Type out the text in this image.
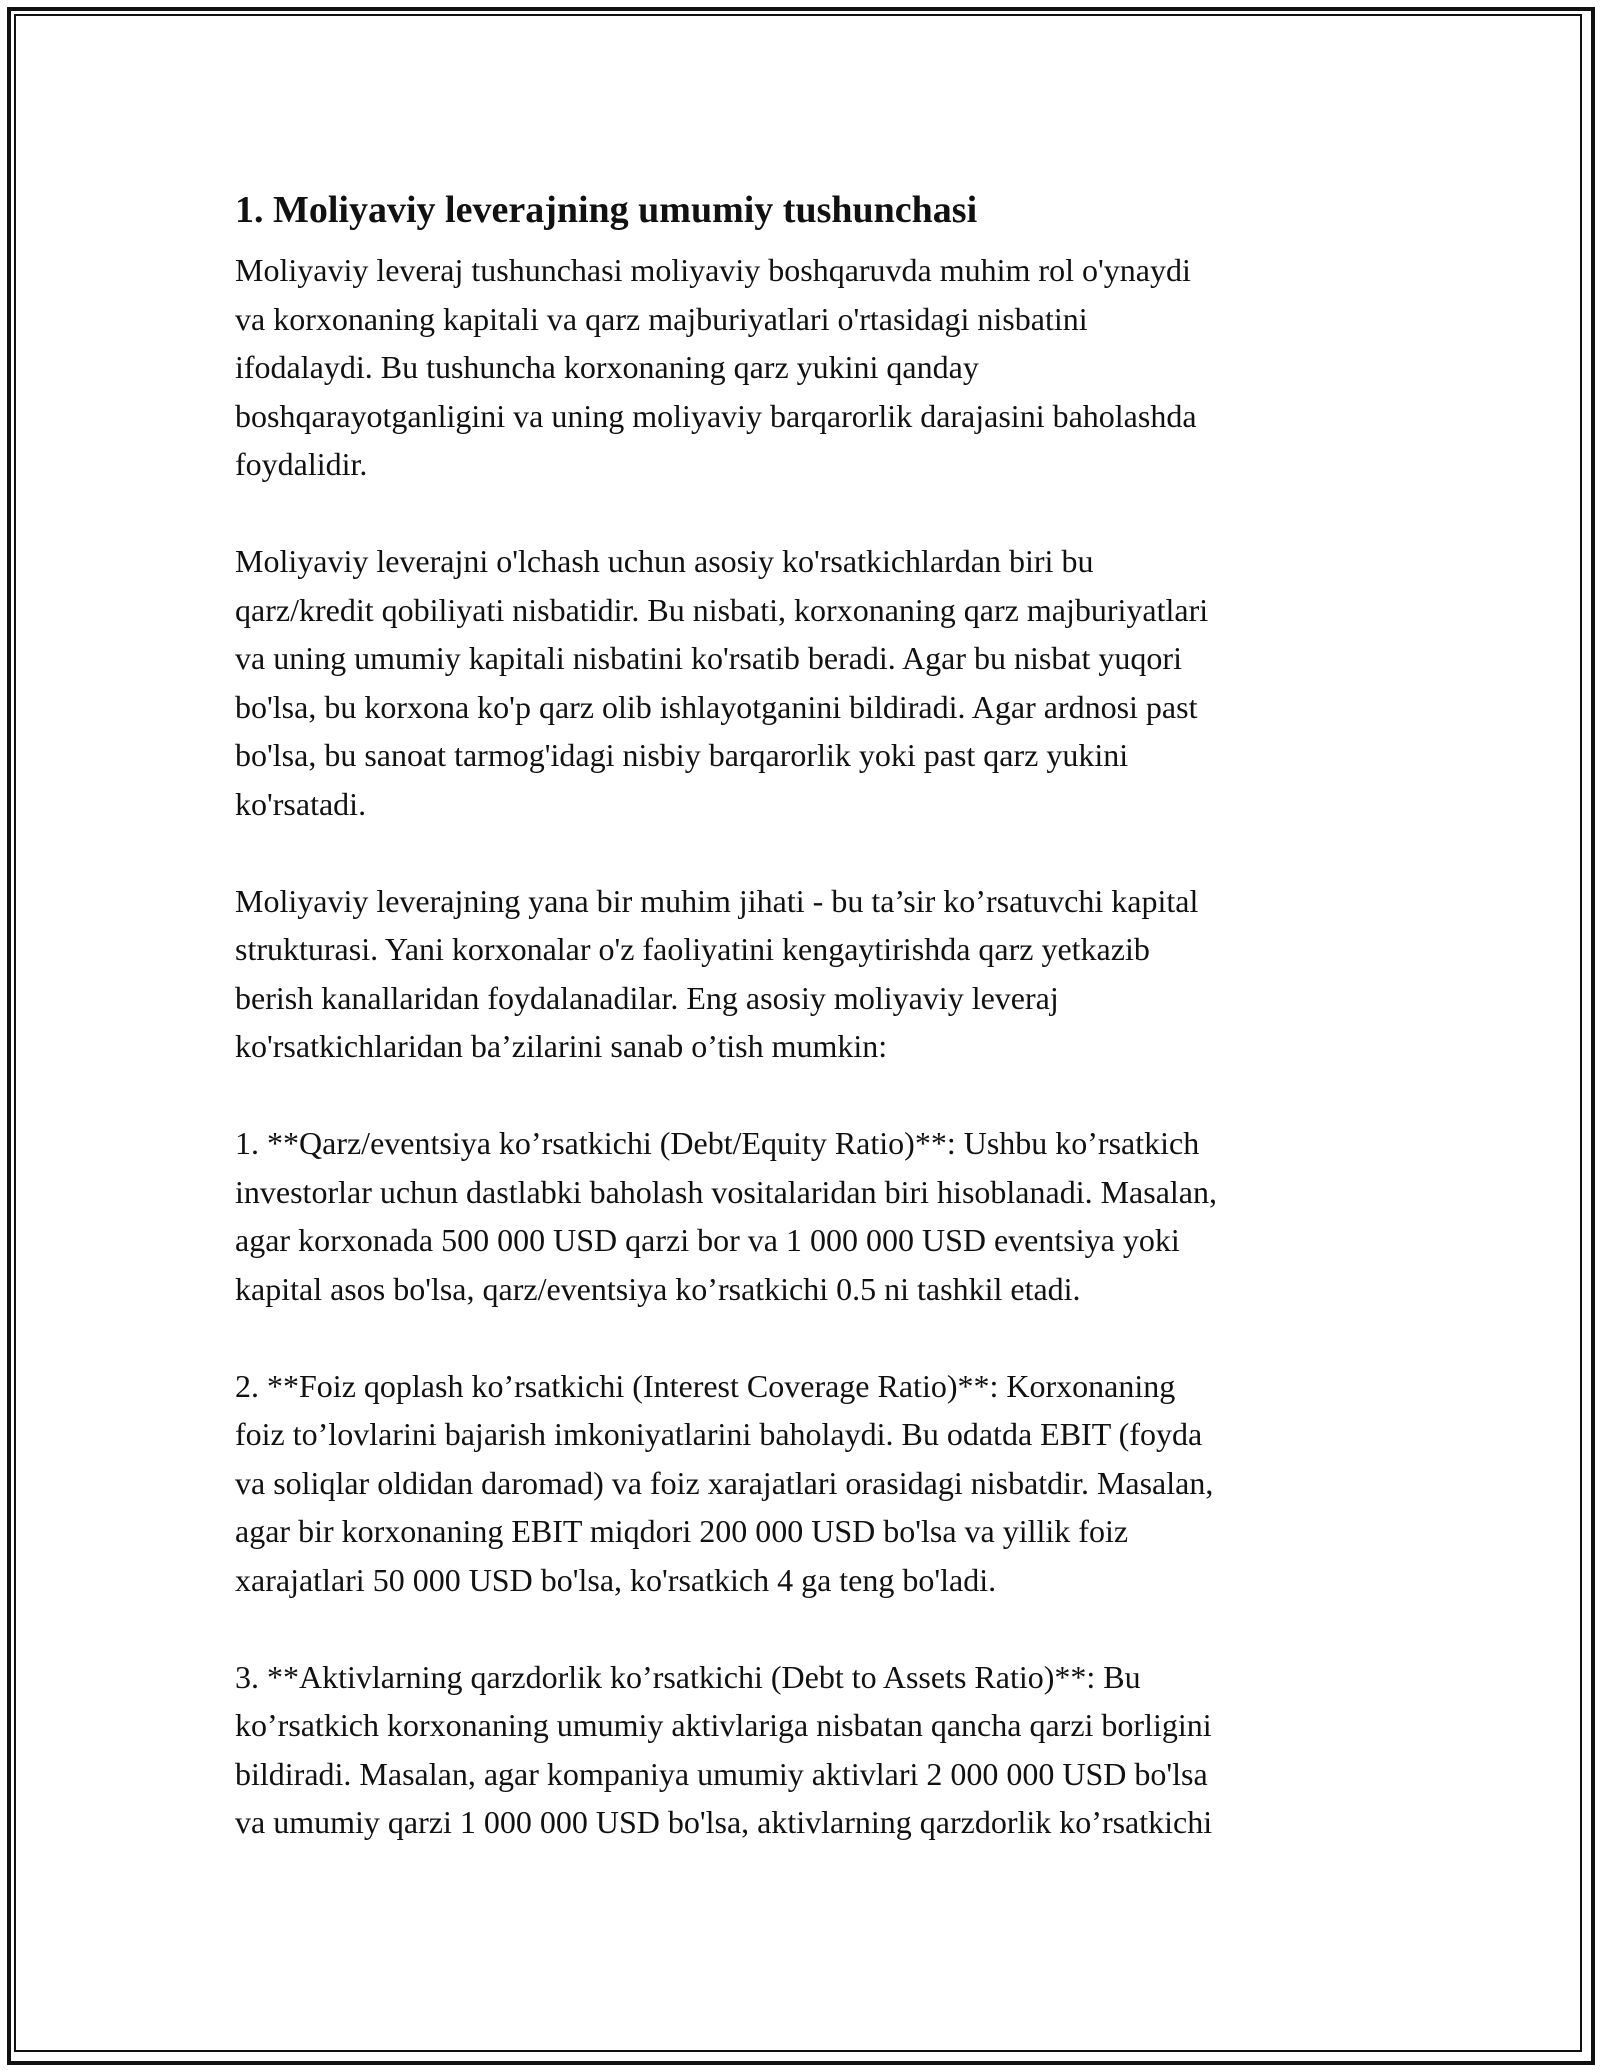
1. Moliyaviy leverajning umumiy tushunchasi

Moliyaviy leveraj tushunchasi moliyaviy boshqaruvda muhim rol o'ynaydi
va korxonaning kapitali va qarz majburiyatlari o'rtasidagi nisbatini
ifodalaydi. Bu tushuncha korxonaning qarz yukini qanday
boshqarayotganligini va uning moliyaviy barqarorlik darajasini baholashda
foydalidir.

Moliyaviy leverajni o'lchash uchun asosiy ko'rsatkichlardan biri bu
qarz/kredit qobiliyati nisbatidir. Bu nisbati, korxonaning qarz majburiyatlari
va uning umumiy kapitali nisbatini ko'rsatib beradi. Agar bu nisbat yuqori
bo'lsa, bu korxona ko'p qarz olib ishlayotganini bildiradi. Agar ardnosi past
bo'lsa, bu sanoat tarmog'idagi nisbiy barqarorlik yoki past qarz yukini
ko'rsatadi.

Moliyaviy leverajning yana bir muhim jihati - bu ta’sir ko’rsatuvchi kapital
strukturasi. Yani korxonalar o'z faoliyatini kengaytirishda qarz yetkazib
berish kanallaridan foydalanadilar. Eng asosiy moliyaviy leveraj
ko'rsatkichlaridan ba’zilarini sanab o’tish mumkin:

1. **Qarz/eventsiya ko’rsatkichi (Debt/Equity Ratio)**: Ushbu ko’rsatkich
investorlar uchun dastlabki baholash vositalaridan biri hisoblanadi. Masalan,
agar korxonada 500 000 USD qarzi bor va 1 000 000 USD eventsiya yoki
kapital asos bo'lsa, qarz/eventsiya ko’rsatkichi 0.5 ni tashkil etadi.

2. **Foiz qoplash ko’rsatkichi (Interest Coverage Ratio)**: Korxonaning
foiz to’lovlarini bajarish imkoniyatlarini baholaydi. Bu odatda EBIT (foyda
va soliqlar oldidan daromad) va foiz xarajatlari orasidagi nisbatdir. Masalan,
agar bir korxonaning EBIT miqdori 200 000 USD bo'lsa va yillik foiz
xarajatlari 50 000 USD bo'lsa, ko'rsatkich 4 ga teng bo'ladi.

3. **Aktivlarning qarzdorlik ko’rsatkichi (Debt to Assets Ratio)**: Bu
ko’rsatkich korxonaning umumiy aktivlariga nisbatan qancha qarzi borligini
bildiradi. Masalan, agar kompaniya umumiy aktivlari 2 000 000 USD bo'lsa
va umumiy qarzi 1 000 000 USD bo'lsa, aktivlarning qarzdorlik ko’rsatkichi
